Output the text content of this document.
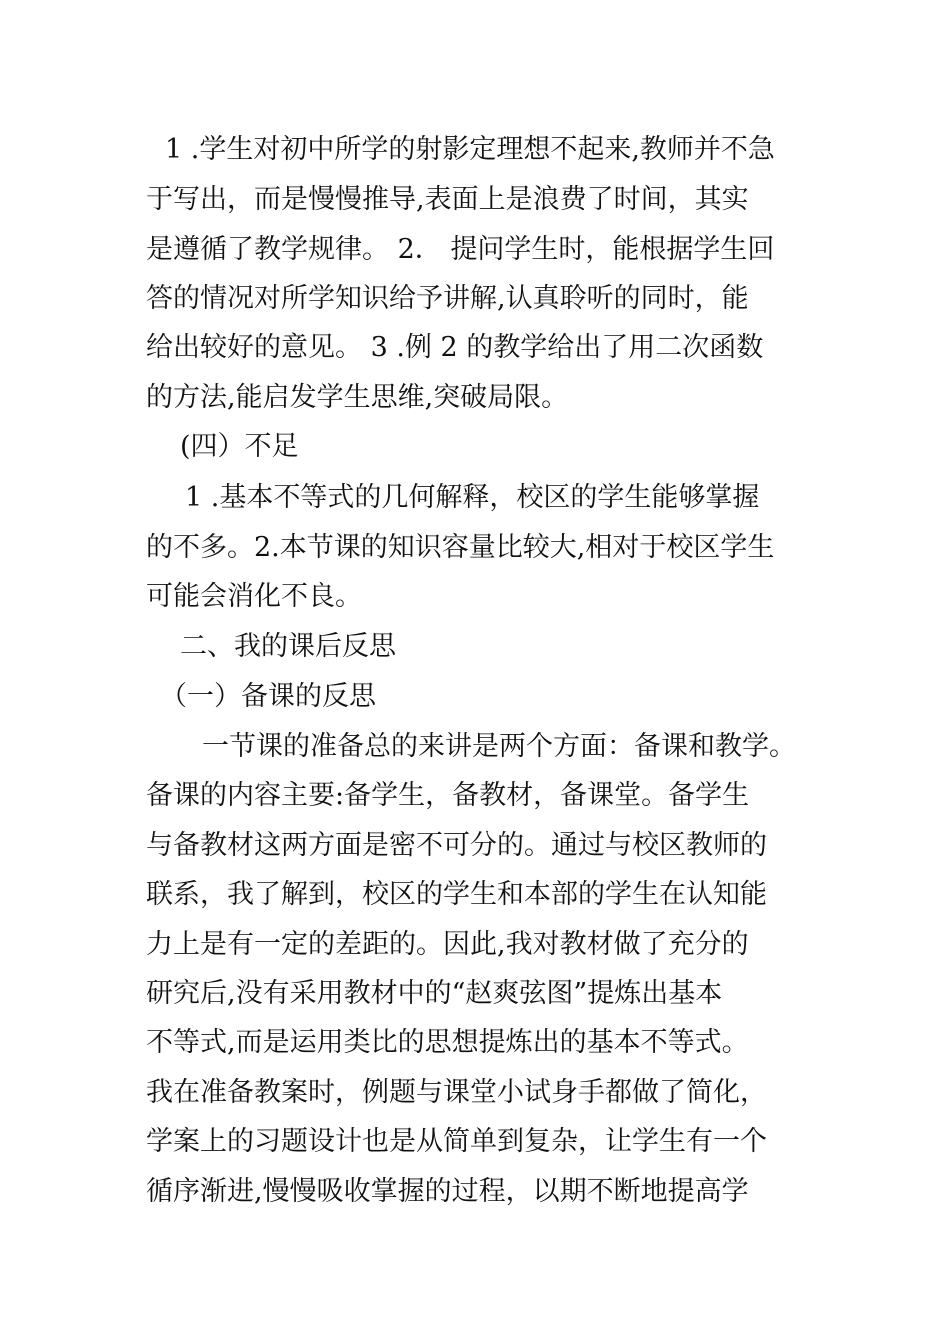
1 .学生对初中所学的射影定理想不起来,教师并不急
于写出，而是慢慢推导,表面上是浪费了时间，其实
是遵循了教学规律。 2． 提问学生时，能根据学生回
答的情况对所学知识给予讲解,认真聆听的同时，能
给出较好的意见。 3 .例 2 的教学给出了用二次函数
的方法,能启发学生思维,突破局限。
(四）不足
1 .基本不等式的几何解释，校区的学生能够掌握
的不多。2.本节课的知识容量比较大,相对于校区学生
可能会消化不良。
二、我的课后反思
（一）备课的反思
一节课的准备总的来讲是两个方面：备课和教学。
备课的内容主要:备学生，备教材，备课堂。备学生
与备教材这两方面是密不可分的。通过与校区教师的
联系，我了解到，校区的学生和本部的学生在认知能
力上是有一定的差距的。因此,我对教材做了充分的
研究后,没有采用教材中的“赵爽弦图”提炼出基本
不等式,而是运用类比的思想提炼出的基本不等式。
我在准备教案时，例题与课堂小试身手都做了简化，
学案上的习题设计也是从简单到复杂，让学生有一个
循序渐进,慢慢吸收掌握的过程，以期不断地提高学
